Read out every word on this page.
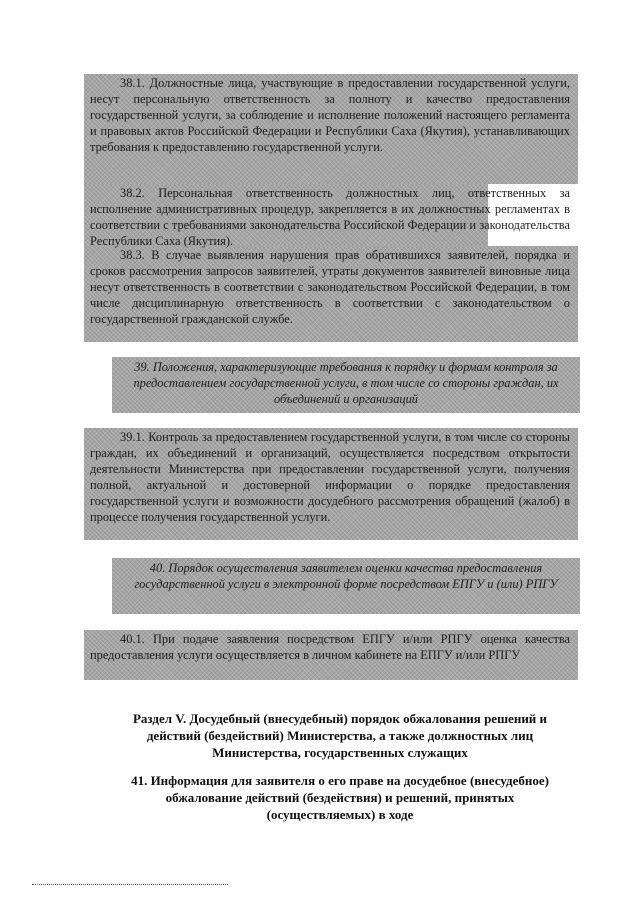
38.1. Должностные лица, участвующие в предоставлении государственной услуги, несут персональную ответственность за полноту и качество предоставления государственной услуги, за соблюдение и исполнение положений настоящего регламента и правовых актов Российской Федерации и Республики Саха (Якутия), устанавливающих требования к предоставлению государственной услуги.

38.2. Персональная ответственность должностных лиц, ответственных за исполнение административных процедур, закрепляется в их должностных регламентах в соответствии с требованиями законодательства Российской Федерации и законодательства Республики Саха (Якутия).

38.3. В случае выявления нарушения прав обратившихся заявителей, порядка и сроков рассмотрения запросов заявителей, утраты документов заявителей виновные лица несут ответственность в соответствии с законодательством Российской Федерации, в том числе дисциплинарную ответственность в соответствии с законодательством о государственной гражданской службе.

39. Положения, характеризующие требования к порядку и формам контроля за предоставлением государственной услуги, в том числе со стороны граждан, их объединений и организаций

39.1. Контроль за предоставлением государственной услуги, в том числе со стороны граждан, их объединений и организаций, осуществляется посредством открытости деятельности Министерства при предоставлении государственной услуги, получения полной, актуальной и достоверной информации о порядке предоставления государственной услуги и возможности досудебного рассмотрения обращений (жалоб) в процессе получения государственной услуги.

40. Порядок осуществления заявителем оценки качества предоставления государственной услуги в электронной форме посредством ЕПГУ и (или) РПГУ

40.1. При подаче заявления посредством ЕПГУ и/или РПГУ оценка качества предоставления услуги осуществляется в личном кабинете на ЕПГУ и/или РПГУ

Раздел V. Досудебный (внесудебный) порядок обжалования решений и действий (бездействий) Министерства, а также должностных лиц Министерства, государственных служащих

41. Информация для заявителя о его праве на досудебное (внесудебное) обжалование действий (бездействия) и решений, принятых (осуществляемых) в ходе
